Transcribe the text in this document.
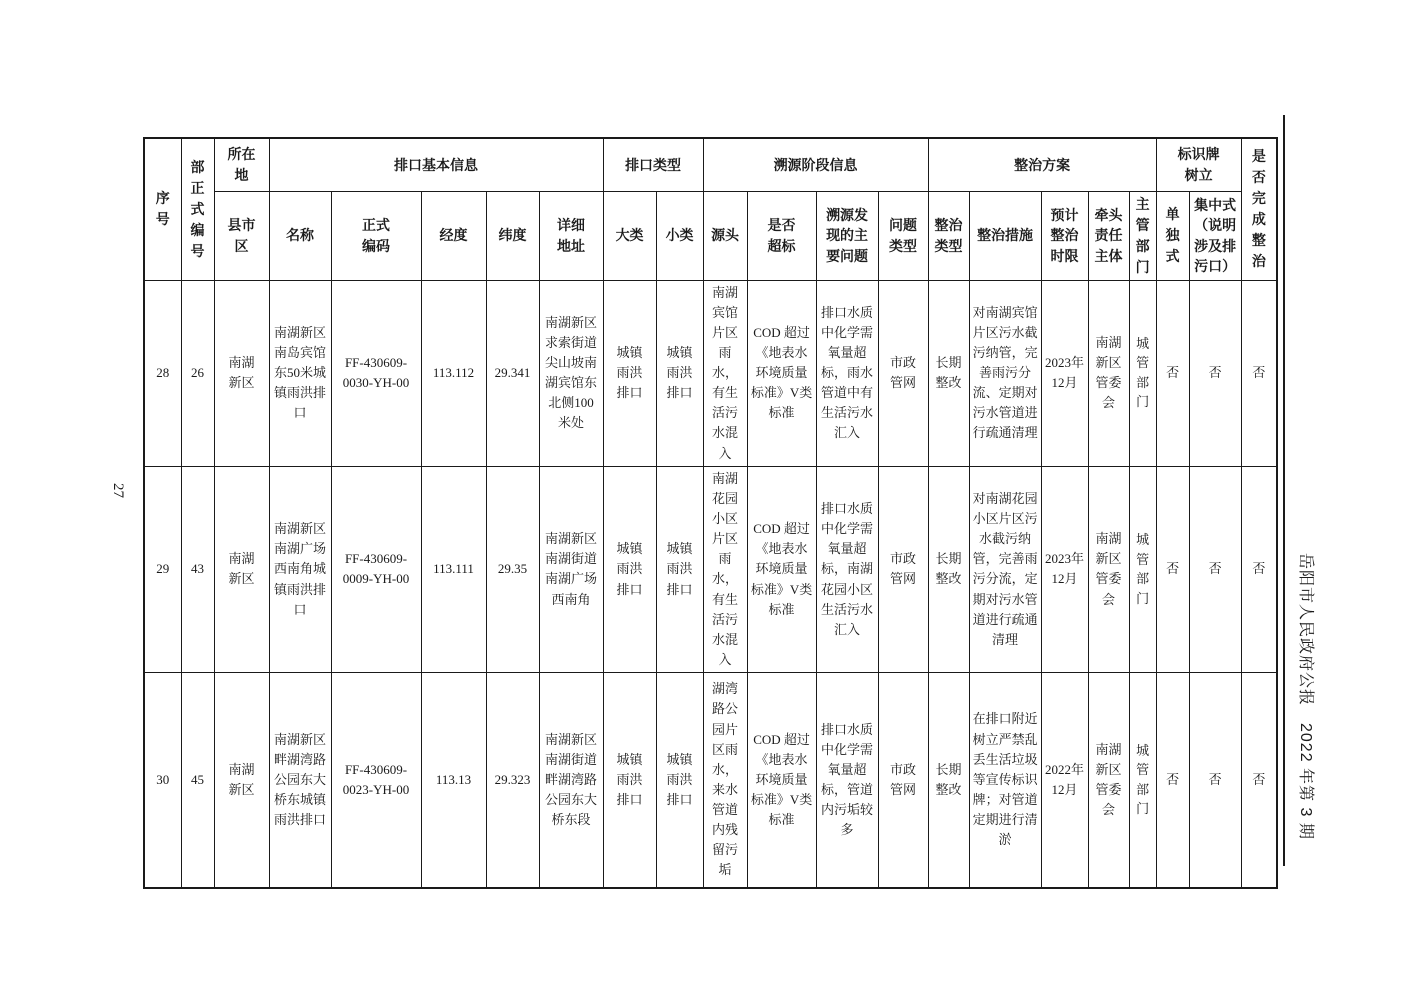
27
岳阳市人民政府公报　2022 年第 3 期
序号	部正式编号	所在地	排口基本信息					排口类型		溯源阶段信息				整治方案					标识牌树立		是否完成整治
		县市区	名称	正式编码	经度	纬度	详细地址	大类	小类	源头	是否超标	溯源发现的主要问题	问题类型	整治类型	整治措施	预计整治时限	牵头责任主体	主管部门	单独式	集中式（说明涉及排污口）	
28	26	南湖新区	南湖新区南岛宾馆东50米城镇雨洪排口	FF-430609-0030-YH-00	113.112	29.341	南湖新区求索街道尖山坡南湖宾馆东北侧100米处	城镇雨洪排口	城镇雨洪排口	南湖宾馆片区雨水，有生活污水混入	COD 超过《地表水环境质量标准》V类标准	排口水质中化学需氧量超标，雨水管道中有生活污水汇入	市政管网	长期整改	对南湖宾馆片区污水截污纳管，完善雨污分流、定期对污水管道进行疏通清理	2023年12月	南湖新区管委会	城管部门	否	否	否
29	43	南湖新区	南湖新区南湖广场西南角城镇雨洪排口	FF-430609-0009-YH-00	113.111	29.35	南湖新区南湖街道南湖广场西南角	城镇雨洪排口	城镇雨洪排口	南湖花园小区片区雨水，有生活污水混入	COD 超过《地表水环境质量标准》V类标准	排口水质中化学需氧量超标，南湖花园小区生活污水汇入	市政管网	长期整改	对南湖花园小区片区污水截污纳管，完善雨污分流，定期对污水管道进行疏通清理	2023年12月	南湖新区管委会	城管部门	否	否	否
30	45	南湖新区	南湖新区畔湖湾路公园东大桥东城镇雨洪排口	FF-430609-0023-YH-00	113.13	29.323	南湖新区南湖街道畔湖湾路公园东大桥东段	城镇雨洪排口	城镇雨洪排口	湖湾路公园片区雨水，来水管道内残留污垢	COD 超过《地表水环境质量标准》V类标准	排口水质中化学需氧量超标，管道内污垢较多	市政管网	长期整改	在排口附近树立严禁乱丢生活垃圾等宣传标识牌；对管道定期进行清淤	2022年12月	南湖新区管委会	城管部门	否	否	否
